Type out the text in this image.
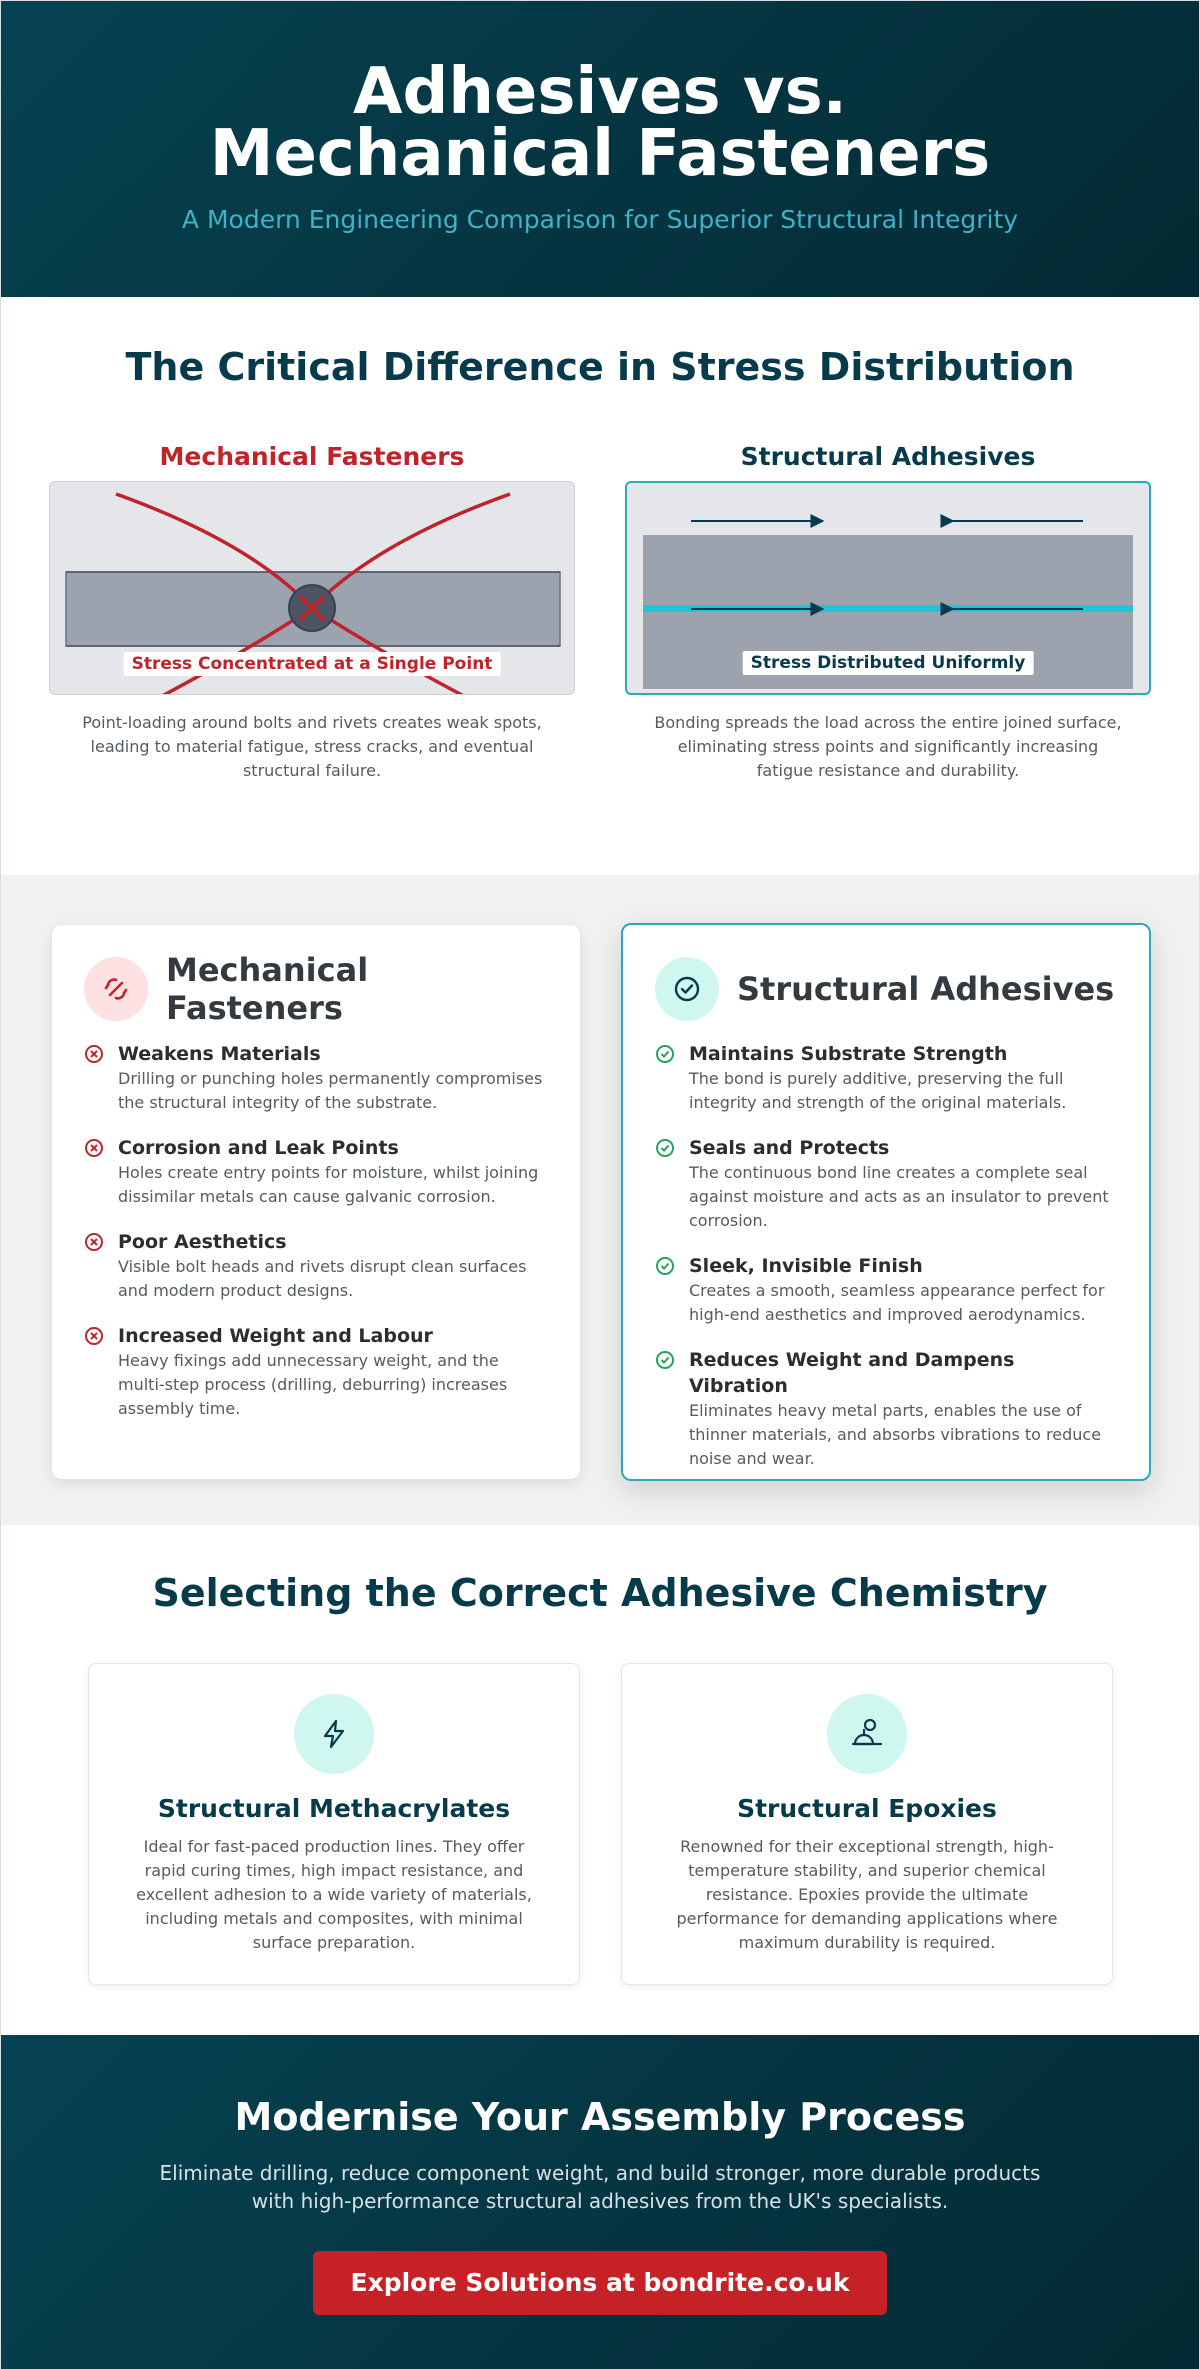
Adhesives vs. Mechanical Fasteners

A Modern Engineering Comparison for Superior Structural Integrity

The Critical Difference in Stress Distribution
Mechanical Fasteners
Stress Concentrated at a Single Point

Point-loading around bolts and rivets creates weak spots, leading to material fatigue, stress cracks, and eventual structural failure.

Structural Adhesives
Stress Distributed Uniformly

Bonding spreads the load across the entire joined surface, eliminating stress points and significantly increasing fatigue resistance and durability.

Mechanical Fasteners
Weakens Materials
Drilling or punching holes permanently compromises the structural integrity of the substrate.
Corrosion and Leak Points
Holes create entry points for moisture, whilst joining dissimilar metals can cause galvanic corrosion.
Poor Aesthetics
Visible bolt heads and rivets disrupt clean surfaces and modern product designs.
Increased Weight and Labour
Heavy fixings add unnecessary weight, and the multi-step process (drilling, deburring) increases assembly time.
Structural Adhesives
Maintains Substrate Strength
The bond is purely additive, preserving the full integrity and strength of the original materials.
Seals and Protects
The continuous bond line creates a complete seal against moisture and acts as an insulator to prevent corrosion.
Sleek, Invisible Finish
Creates a smooth, seamless appearance perfect for high-end aesthetics and improved aerodynamics.
Reduces Weight and Dampens Vibration
Eliminates heavy metal parts, enables the use of thinner materials, and absorbs vibrations to reduce noise and wear.
Selecting the Correct Adhesive Chemistry
Structural Methacrylates

Ideal for fast-paced production lines. They offer rapid curing times, high impact resistance, and excellent adhesion to a wide variety of materials, including metals and composites, with minimal surface preparation.

Structural Epoxies

Renowned for their exceptional strength, high-temperature stability, and superior chemical resistance. Epoxies provide the ultimate performance for demanding applications where maximum durability is required.

Modernise Your Assembly Process

Eliminate drilling, reduce component weight, and build stronger, more durable products with high-performance structural adhesives from the UK's specialists.

Explore Solutions at bondrite.co.uk
